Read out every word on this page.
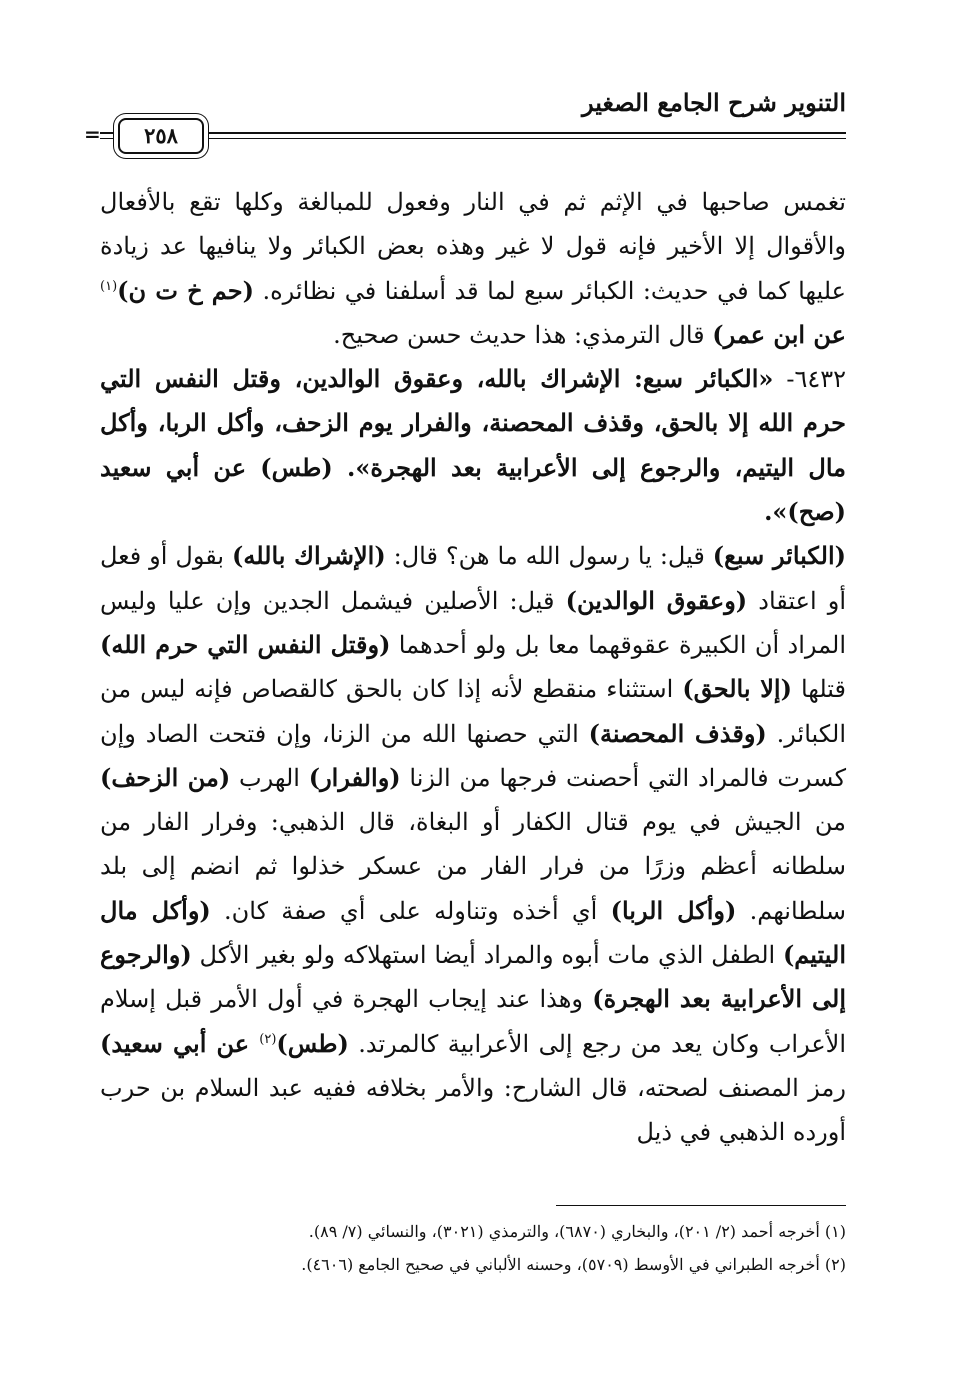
التنوير شرح الجامع الصغير
=	٢٥٨

تغمس صاحبها في الإثم ثم في النار وفعول للمبالغة وكلها تقع بالأفعال والأقوال إلا الأخير فإنه قول لا غير وهذه بعض الكبائر ولا ينافيها عد زيادة عليها كما في حديث: الكبائر سبع لما قد أسلفنا في نظائره. (حم خ ت ن)$^{(١)}$ عن ابن عمر) قال الترمذي: هذا حديث حسن صحيح.

٦٤٣٢- «الكبائر سبع: الإشراك بالله، وعقوق الوالدين، وقتل النفس التي حرم الله إلا بالحق، وقذف المحصنة، والفرار يوم الزحف، وأكل الربا، وأكل مال اليتيم، والرجوع إلى الأعرابية بعد الهجرة». (طس) عن أبي سعيد (صح)».

(الكبائر سبع) قيل: يا رسول الله ما هن؟ قال: (الإشراك بالله) بقول أو فعل أو اعتقاد (وعقوق الوالدين) قيل: الأصلين فيشمل الجدين وإن عليا وليس المراد أن الكبيرة عقوقهما معا بل ولو أحدهما (وقتل النفس التي حرم الله) قتلها (إلا بالحق) استثناء منقطع لأنه إذا كان بالحق كالقصاص فإنه ليس من الكبائر. (وقذف المحصنة) التي حصنها الله من الزنا، وإن فتحت الصاد وإن كسرت فالمراد التي أحصنت فرجها من الزنا (والفرار) الهرب (من الزحف) من الجيش في يوم قتال الكفار أو البغاة، قال الذهبي: وفرار الفار من سلطانه أعظم وزرًا من فرار الفار من عسكر خذلوا ثم انضم إلى بلد سلطانهم. (وأكل الربا) أي أخذه وتناوله على أي صفة كان. (وأكل مال اليتيم) الطفل الذي مات أبوه والمراد أيضا استهلاكه ولو بغير الأكل (والرجوع إلى الأعرابية بعد الهجرة) وهذا عند إيجاب الهجرة في أول الأمر قبل إسلام الأعراب وكان يعد من رجع إلى الأعرابية كالمرتد. (طس)$^{(٢)}$ عن أبي سعيد) رمز المصنف لصحته، قال الشارح: والأمر بخلافه ففيه عبد السلام بن حرب أورده الذهبي في ذيل

(١) أخرجه أحمد (٢/ ٢٠١)، والبخاري (٦٨٧٠)، والترمذي (٣٠٢١)، والنسائي (٧/ ٨٩).

(٢) أخرجه الطبراني في الأوسط (٥٧٠٩)، وحسنه الألباني في صحيح الجامع (٤٦٠٦).
